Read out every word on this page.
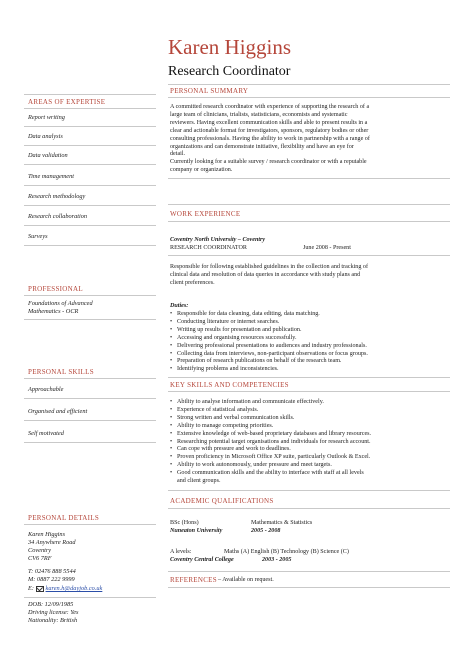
Karen Higgins
Research Coordinator
AREAS OF EXPERTISE
Report writing
Data analysis
Data validation
Time management
Research methodology
Research collaboration
Surveys
PROFESSIONAL
Foundations of Advanced
Mathematics - OCR
PERSONAL SKILLS
Approachable
Organised and efficient
Self motivated
PERSONAL DETAILS
Karen Higgins
34 Anywhere Road
Coventry
CV6 7RF
T: 02476 888 5544
M: 0887 222 9999
E: karen.h@dayjob.co.uk
DOB: 12/09/1985
Driving license: Yes
Nationality: British
PERSONAL SUMMARY
A committed research coordinator with experience of supporting the research of a
large team of clinicians, trialists, statisticians, economists and systematic
reviewers. Having excellent communication skills and able to present results in a
clear and actionable format for investigators, sponsors, regulatory bodies or other
consulting professionals. Having the ability to work in partnership with a range of
organizations and can demonstrate initiative, flexibility and have an eye for
detail.
Currently looking for a suitable survey / research coordinator or with a reputable
company or organization.
WORK EXPERIENCE
Coventry North University – Coventry
RESEARCH COORDINATOR	June 2008 - Present
Responsible for following established guidelines in the collection and tracking of
clinical data and resolution of data queries in accordance with study plans and
client preferences.
Duties:
• Responsible for data cleaning, data editing, data matching.
• Conducting literature or internet searches.
• Writing up results for presentation and publication.
• Accessing and organising resources successfully.
• Delivering professional presentations to audiences and industry professionals.
• Collecting data from interviews, non-participant observations or focus groups.
• Preparation of research publications on behalf of the research team.
• Identifying problems and inconsistencies.
KEY SKILLS AND COMPETENCIES
• Ability to analyse information and communicate effectively.
• Experience of statistical analysis.
• Strong written and verbal communication skills.
• Ability to manage competing priorities.
• Extensive knowledge of web-based proprietary databases and library resources.
• Researching potential target organisations and individuals for research account.
• Can cope with pressure and work to deadlines.
• Proven proficiency in Microsoft Office XP suite, particularly Outlook & Excel.
• Ability to work autonomously, under pressure and meet targets.
• Good communication skills and the ability to interface with staff at all levels
and client groups.
ACADEMIC QUALIFICATIONS
BSc (Hons)	Mathematics & Statistics
Nuneaton University	2005 - 2008
A levels:	Maths (A) English (B) Technology (B) Science (C)
Coventry Central College	2003 - 2005
REFERENCES – Available on request.
